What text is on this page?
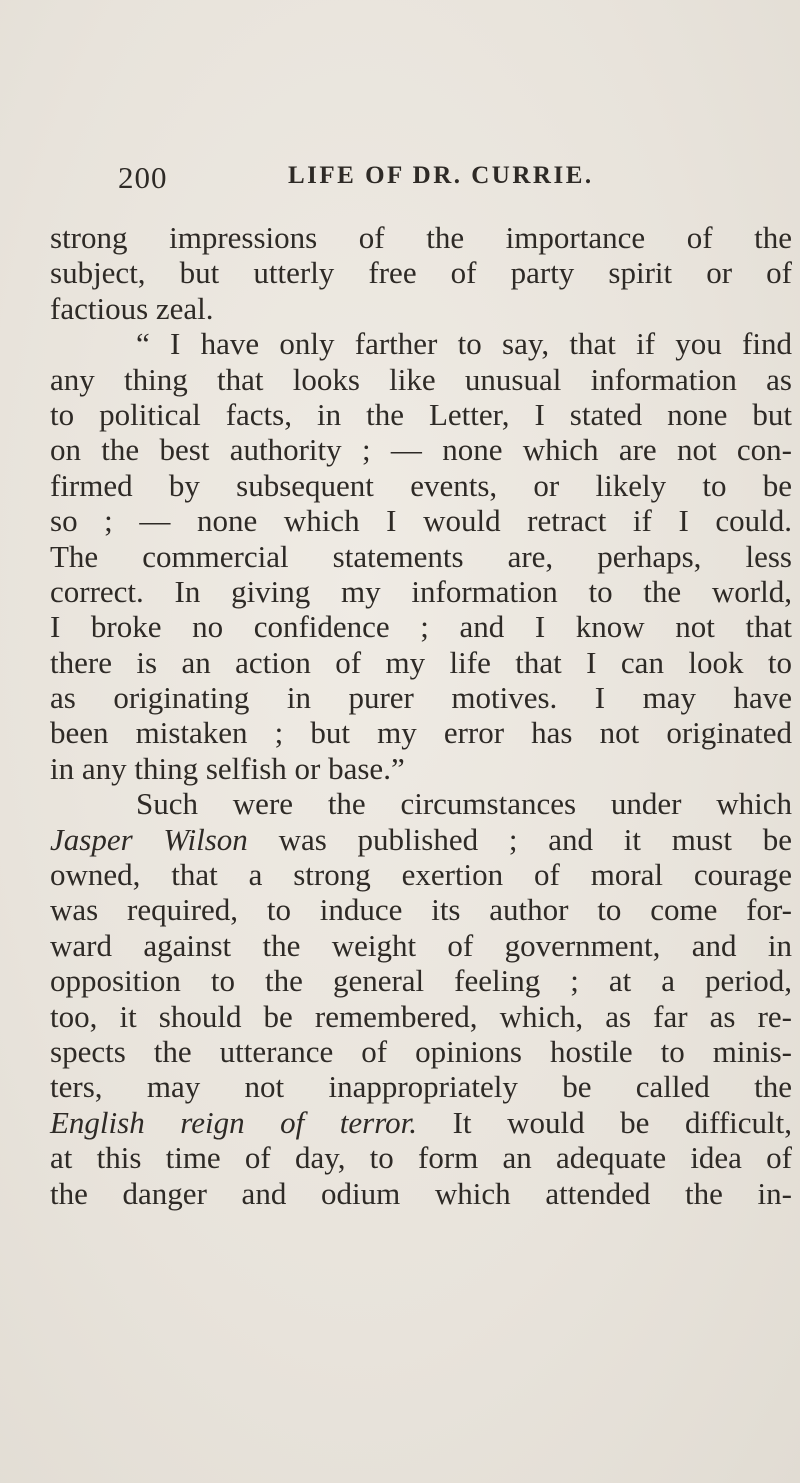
200	LIFE OF DR. CURRIE.
strong impressions of the importance of the
subject, but utterly free of party spirit or of
factious zeal.
“ I have only farther to say, that if you find
any thing that looks like unusual information as
to political facts, in the Letter, I stated none but
on the best authority ; — none which are not con-
firmed by subsequent events, or likely to be
so ; — none which I would retract if I could.
The commercial statements are, perhaps, less
correct. In giving my information to the world,
I broke no confidence ; and I know not that
there is an action of my life that I can look to
as originating in purer motives. I may have
been mistaken ; but my error has not originated
in any thing selfish or base.”
Such were the circumstances under which
Jasper Wilson was published ; and it must be
owned, that a strong exertion of moral courage
was required, to induce its author to come for-
ward against the weight of government, and in
opposition to the general feeling ; at a period,
too, it should be remembered, which, as far as re-
spects the utterance of opinions hostile to minis-
ters, may not inappropriately be called the
English reign of terror. It would be difficult,
at this time of day, to form an adequate idea of
the danger and odium which attended the in-
